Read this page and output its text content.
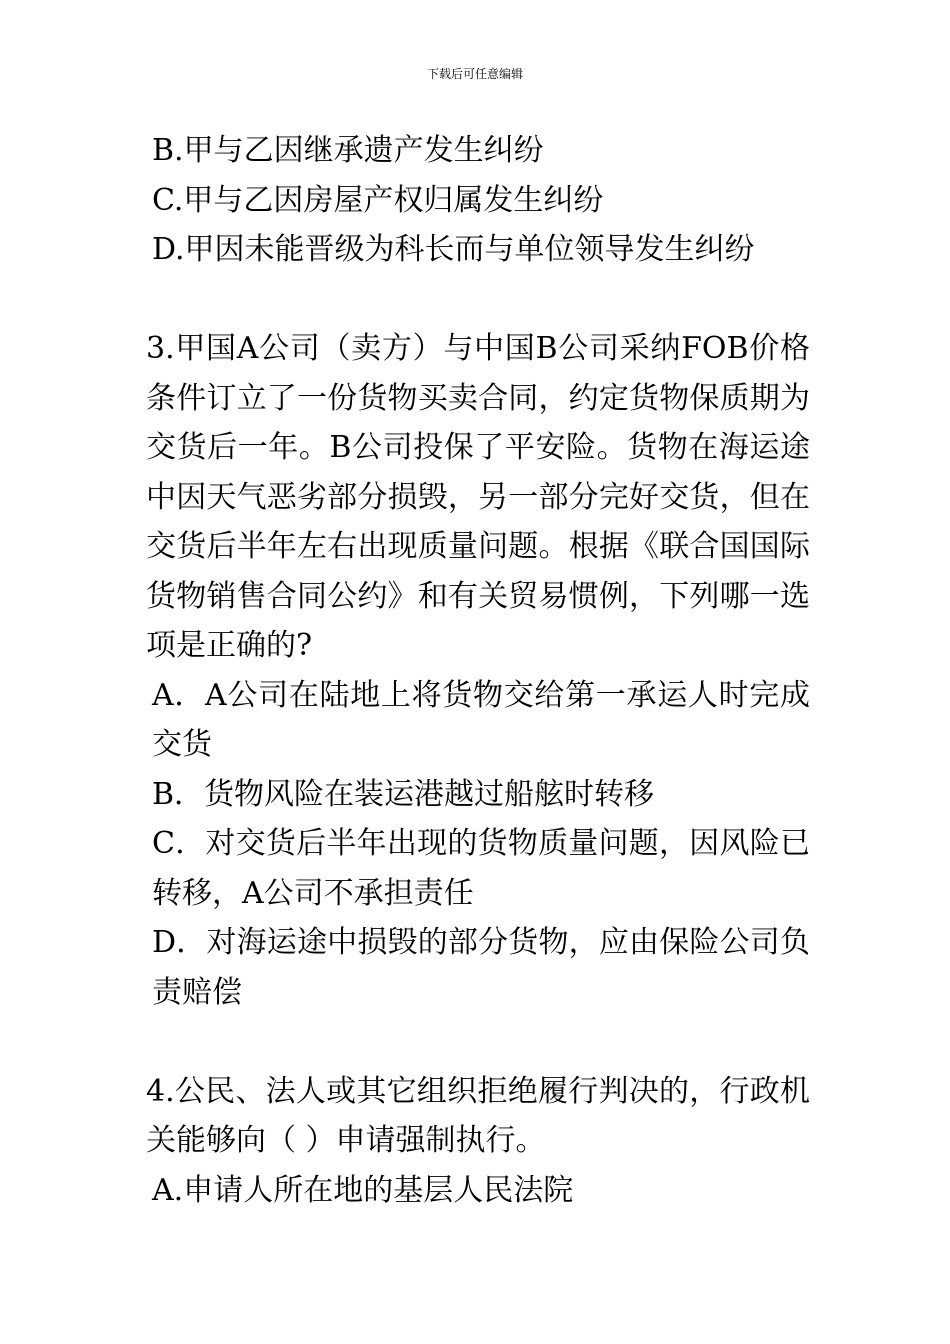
下载后可任意编辑

B.甲与乙因继承遗产发生纠纷

C.甲与乙因房屋产权归属发生纠纷

D.甲因未能晋级为科长而与单位领导发生纠纷

3.甲国A公司（卖方）与中国B公司采纳FOB价格条件订立了一份货物买卖合同，约定货物保质期为交货后一年。B公司投保了平安险。货物在海运途中因天气恶劣部分损毁，另一部分完好交货，但在交货后半年左右出现质量问题。根据《联合国国际货物销售合同公约》和有关贸易惯例，下列哪一选项是正确的?

A．A公司在陆地上将货物交给第一承运人时完成交货

B．货物风险在装运港越过船舷时转移

C．对交货后半年出现的货物质量问题，因风险已转移，A公司不承担责任

D．对海运途中损毁的部分货物，应由保险公司负责赔偿

4.公民、法人或其它组织拒绝履行判决的，行政机关能够向（ ）申请强制执行。

A.申请人所在地的基层人民法院
